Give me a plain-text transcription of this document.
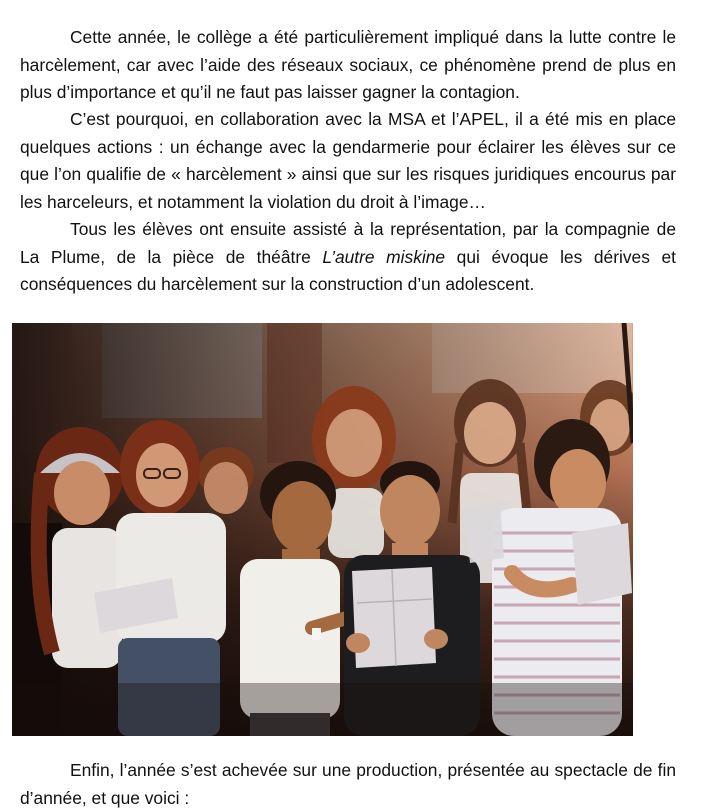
Cette année, le collège a été particulièrement impliqué dans la lutte contre le harcèlement, car avec l’aide des réseaux sociaux, ce phénomène prend de plus en plus d’importance et qu’il ne faut pas laisser gagner la contagion.

C’est pourquoi, en collaboration avec la MSA et l’APEL, il a été mis en place quelques actions : un échange avec la gendarmerie pour éclairer les élèves sur ce que l’on qualifie de « harcèlement » ainsi que sur les risques juridiques encourus par les harceleurs, et notamment la violation du droit à l’image…

Tous les élèves ont ensuite assisté à la représentation, par la compagnie de La Plume, de la pièce de théâtre L’autre miskine qui évoque les dérives et conséquences du harcèlement sur la construction d’un adolescent.

Enfin, l’année s’est achevée sur une production, présentée au spectacle de fin d’année, et que voici :
